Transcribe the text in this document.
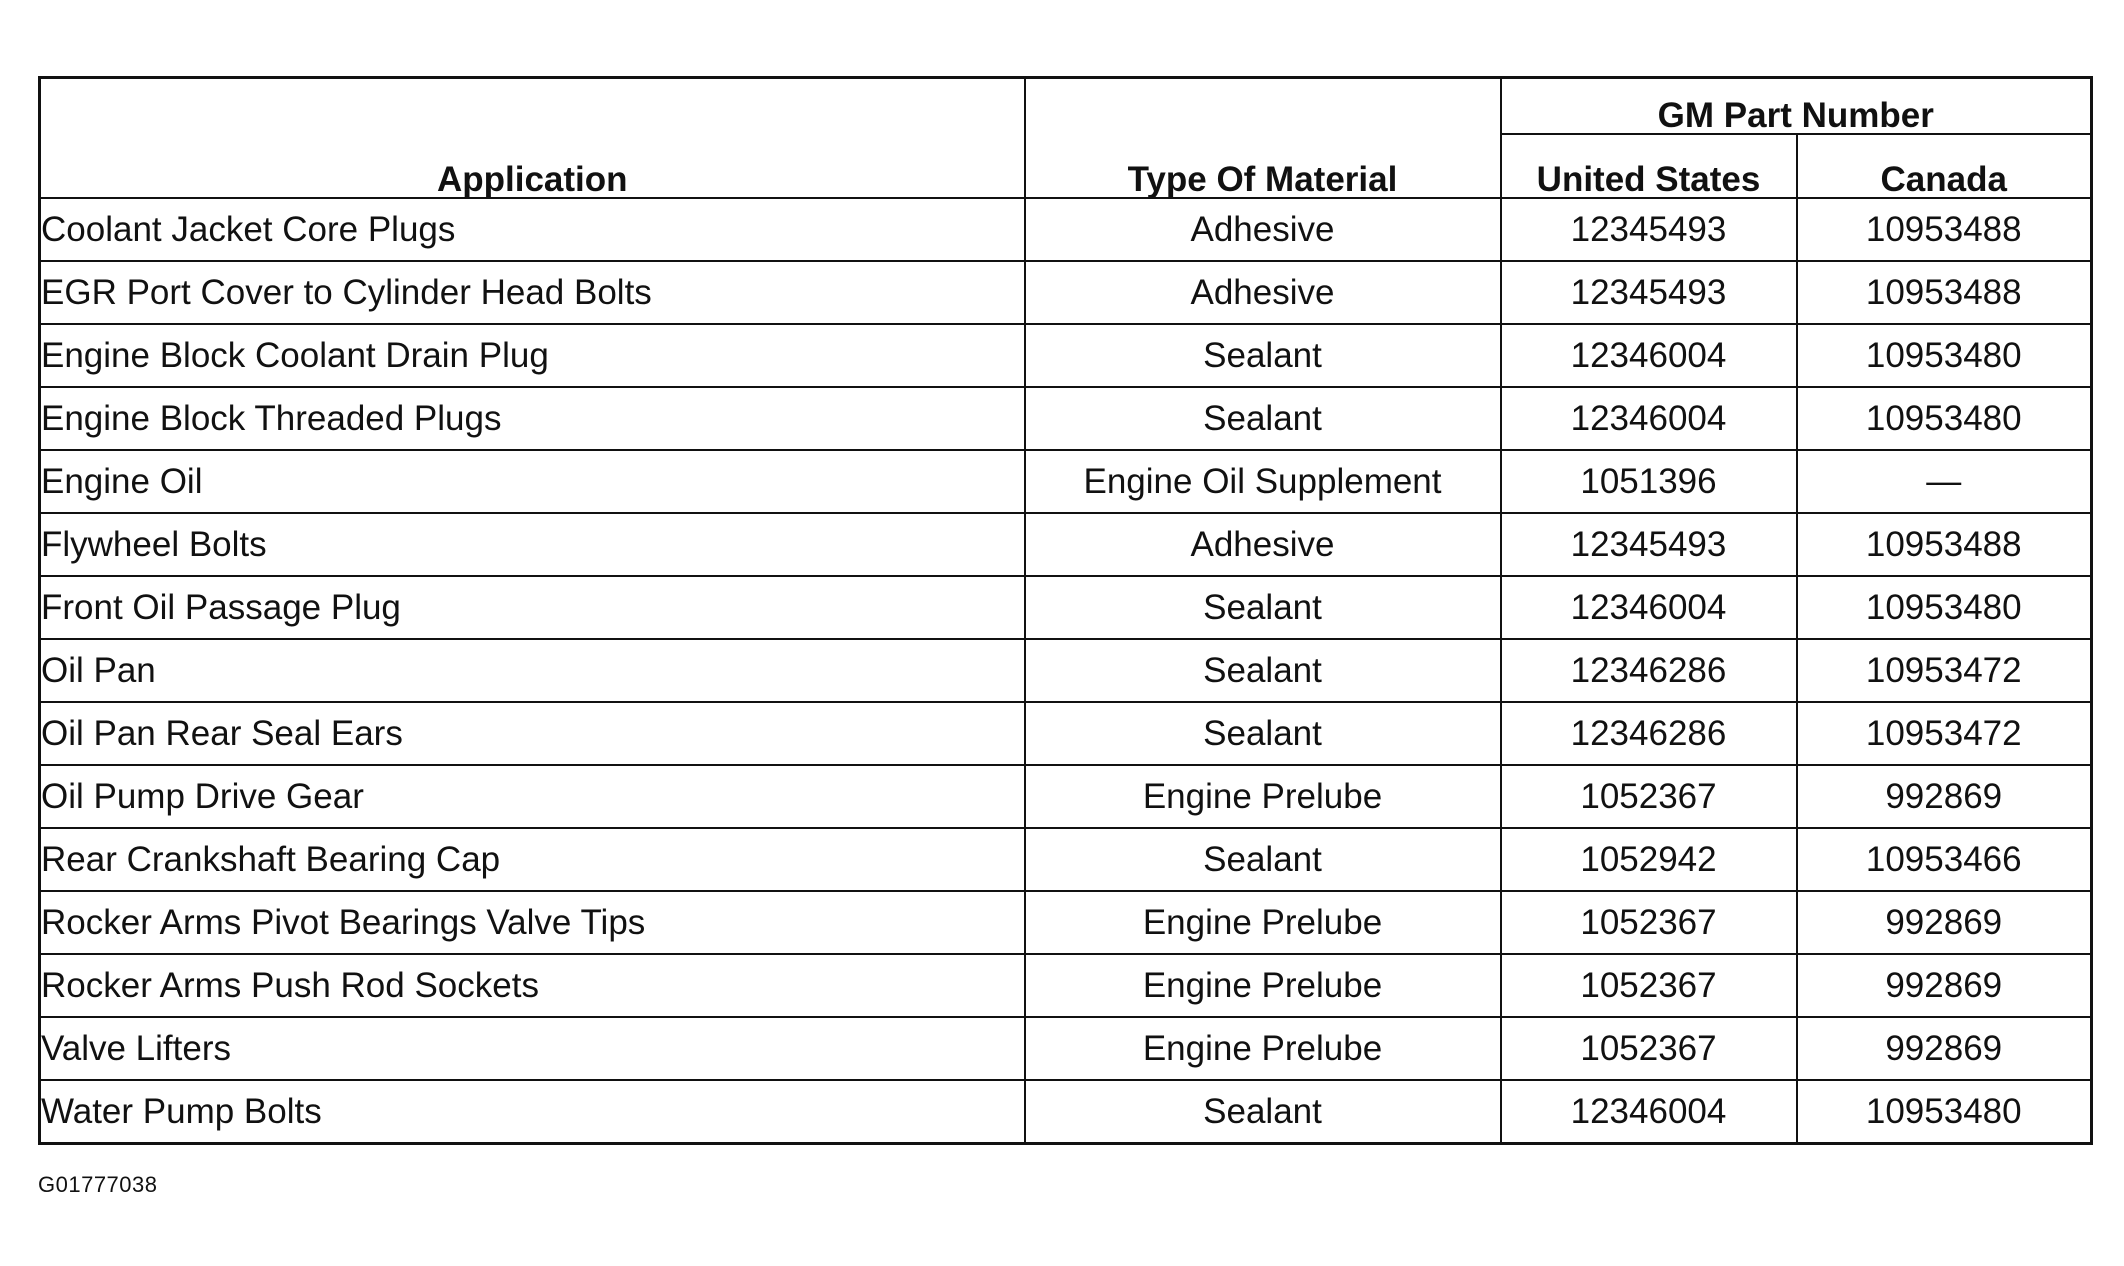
Application	Type Of Material	GM Part Number	
		United States	Canada
Coolant Jacket Core Plugs	Adhesive	12345493	10953488
EGR Port Cover to Cylinder Head Bolts	Adhesive	12345493	10953488
Engine Block Coolant Drain Plug	Sealant	12346004	10953480
Engine Block Threaded Plugs	Sealant	12346004	10953480
Engine Oil	Engine Oil Supplement	1051396	—
Flywheel Bolts	Adhesive	12345493	10953488
Front Oil Passage Plug	Sealant	12346004	10953480
Oil Pan	Sealant	12346286	10953472
Oil Pan Rear Seal Ears	Sealant	12346286	10953472
Oil Pump Drive Gear	Engine Prelube	1052367	992869
Rear Crankshaft Bearing Cap	Sealant	1052942	10953466
Rocker Arms Pivot Bearings Valve Tips	Engine Prelube	1052367	992869
Rocker Arms Push Rod Sockets	Engine Prelube	1052367	992869
Valve Lifters	Engine Prelube	1052367	992869
Water Pump Bolts	Sealant	12346004	10953480
G01777038
